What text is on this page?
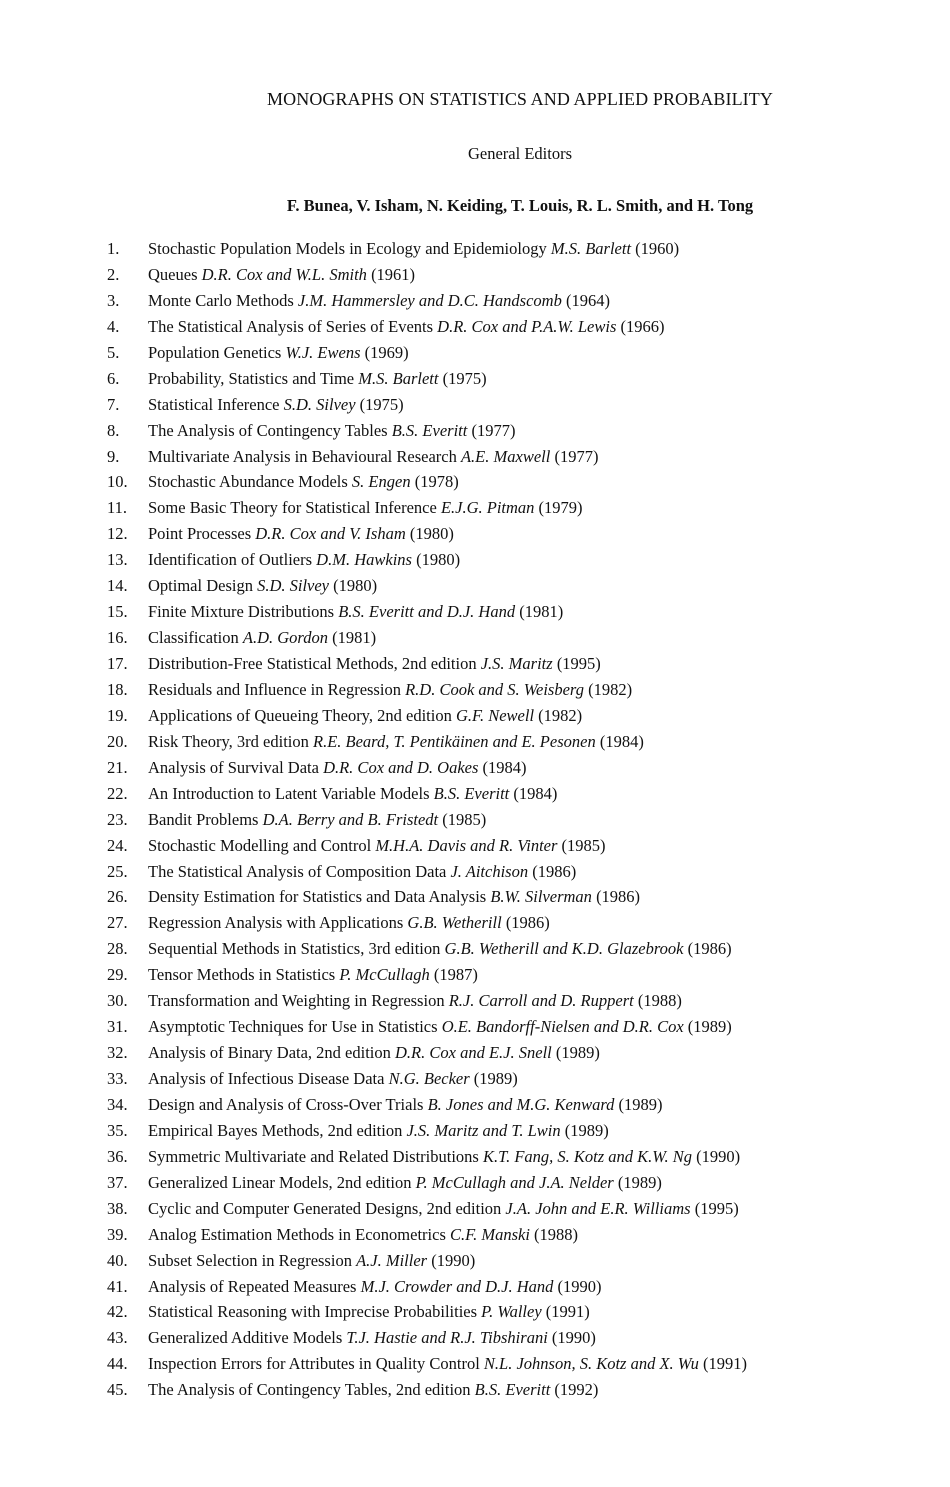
MONOGRAPHS ON STATISTICS AND APPLIED PROBABILITY
General Editors
F. Bunea, V. Isham, N. Keiding, T. Louis, R. L. Smith, and H. Tong
1. Stochastic Population Models in Ecology and Epidemiology M.S. Barlett (1960)
2. Queues D.R. Cox and W.L. Smith (1961)
3. Monte Carlo Methods J.M. Hammersley and D.C. Handscomb (1964)
4. The Statistical Analysis of Series of Events D.R. Cox and P.A.W. Lewis (1966)
5. Population Genetics W.J. Ewens (1969)
6. Probability, Statistics and Time M.S. Barlett (1975)
7. Statistical Inference S.D. Silvey (1975)
8. The Analysis of Contingency Tables B.S. Everitt (1977)
9. Multivariate Analysis in Behavioural Research A.E. Maxwell (1977)
10. Stochastic Abundance Models S. Engen (1978)
11. Some Basic Theory for Statistical Inference E.J.G. Pitman (1979)
12. Point Processes D.R. Cox and V. Isham (1980)
13. Identification of Outliers D.M. Hawkins (1980)
14. Optimal Design S.D. Silvey (1980)
15. Finite Mixture Distributions B.S. Everitt and D.J. Hand (1981)
16. Classification A.D. Gordon (1981)
17. Distribution-Free Statistical Methods, 2nd edition J.S. Maritz (1995)
18. Residuals and Influence in Regression R.D. Cook and S. Weisberg (1982)
19. Applications of Queueing Theory, 2nd edition G.F. Newell (1982)
20. Risk Theory, 3rd edition R.E. Beard, T. Pentikäinen and E. Pesonen (1984)
21. Analysis of Survival Data D.R. Cox and D. Oakes (1984)
22. An Introduction to Latent Variable Models B.S. Everitt (1984)
23. Bandit Problems D.A. Berry and B. Fristedt (1985)
24. Stochastic Modelling and Control M.H.A. Davis and R. Vinter (1985)
25. The Statistical Analysis of Composition Data J. Aitchison (1986)
26. Density Estimation for Statistics and Data Analysis B.W. Silverman (1986)
27. Regression Analysis with Applications G.B. Wetherill (1986)
28. Sequential Methods in Statistics, 3rd edition G.B. Wetherill and K.D. Glazebrook (1986)
29. Tensor Methods in Statistics P. McCullagh (1987)
30. Transformation and Weighting in Regression R.J. Carroll and D. Ruppert (1988)
31. Asymptotic Techniques for Use in Statistics O.E. Bandorff-Nielsen and D.R. Cox (1989)
32. Analysis of Binary Data, 2nd edition D.R. Cox and E.J. Snell (1989)
33. Analysis of Infectious Disease Data N.G. Becker (1989)
34. Design and Analysis of Cross-Over Trials B. Jones and M.G. Kenward (1989)
35. Empirical Bayes Methods, 2nd edition J.S. Maritz and T. Lwin (1989)
36. Symmetric Multivariate and Related Distributions K.T. Fang, S. Kotz and K.W. Ng (1990)
37. Generalized Linear Models, 2nd edition P. McCullagh and J.A. Nelder (1989)
38. Cyclic and Computer Generated Designs, 2nd edition J.A. John and E.R. Williams (1995)
39. Analog Estimation Methods in Econometrics C.F. Manski (1988)
40. Subset Selection in Regression A.J. Miller (1990)
41. Analysis of Repeated Measures M.J. Crowder and D.J. Hand (1990)
42. Statistical Reasoning with Imprecise Probabilities P. Walley (1991)
43. Generalized Additive Models T.J. Hastie and R.J. Tibshirani (1990)
44. Inspection Errors for Attributes in Quality Control N.L. Johnson, S. Kotz and X. Wu (1991)
45. The Analysis of Contingency Tables, 2nd edition B.S. Everitt (1992)
